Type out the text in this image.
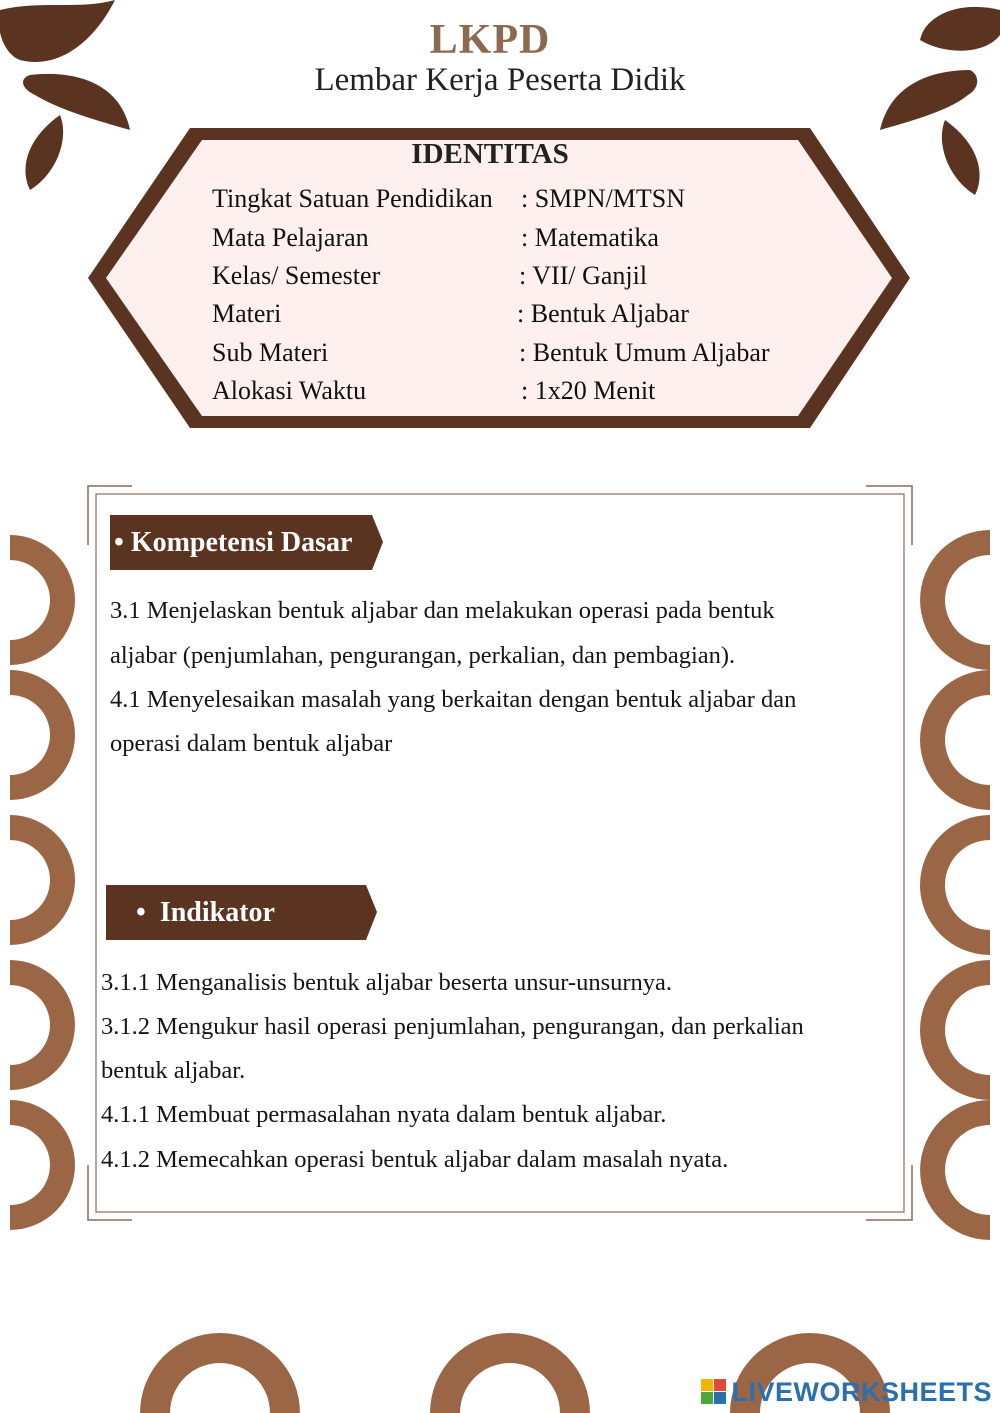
LKPD
Lembar Kerja Peserta Didik
IDENTITAS
Tingkat Satuan Pendidikan : SMPN/MTSN
Mata Pelajaran	: Matematika
Kelas/ Semester	: VII/ Ganjil
Materi	: Bentuk Aljabar
Sub Materi	: Bentuk Umum Aljabar
Alokasi Waktu	: 1x20 Menit
• Kompetensi Dasar
3.1 Menjelaskan bentuk aljabar dan melakukan operasi pada bentuk
aljabar (penjumlahan, pengurangan, perkalian, dan pembagian).
4.1 Menyelesaikan masalah yang berkaitan dengan bentuk aljabar dan
operasi dalam bentuk aljabar
• Indikator
3.1.1 Menganalisis bentuk aljabar beserta unsur-unsurnya.
3.1.2 Mengukur hasil operasi penjumlahan, pengurangan, dan perkalian
bentuk aljabar.
4.1.1 Membuat permasalahan nyata dalam bentuk aljabar.
4.1.2 Memecahkan operasi bentuk aljabar dalam masalah nyata.
LIVEWORKSHEETS
